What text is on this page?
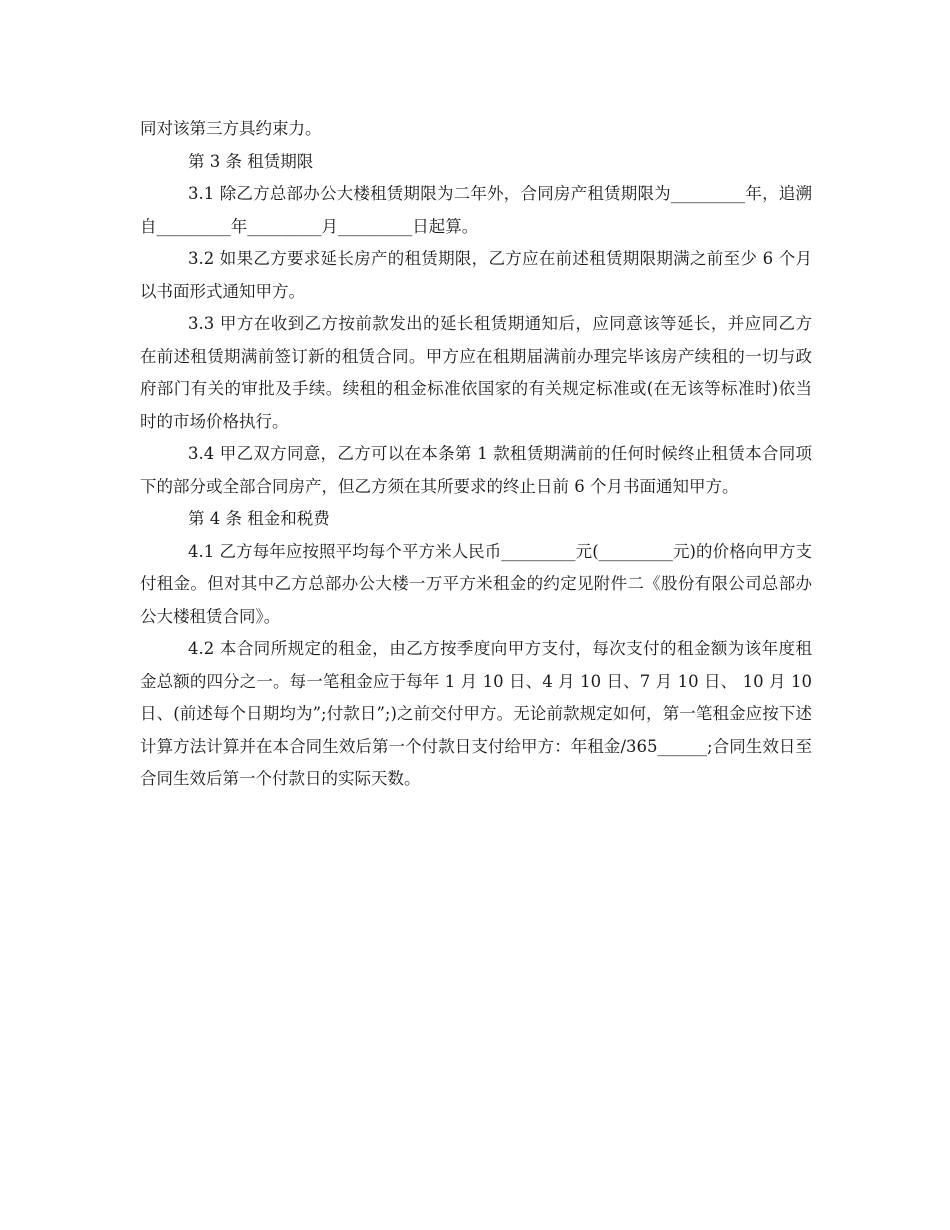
同对该第三方具约束力。

第 3 条 租赁期限

3.1 除乙方总部办公大楼租赁期限为二年外，合同房产租赁期限为_________年，追溯自_________年_________月_________日起算。

3.2 如果乙方要求延长房产的租赁期限，乙方应在前述租赁期限期满之前至少 6 个月以书面形式通知甲方。

3.3 甲方在收到乙方按前款发出的延长租赁期通知后，应同意该等延长，并应同乙方在前述租赁期满前签订新的租赁合同。甲方应在租期届满前办理完毕该房产续租的一切与政府部门有关的审批及手续。续租的租金标准依国家的有关规定标准或(在无该等标准时)依当时的市场价格执行。

3.4 甲乙双方同意，乙方可以在本条第 1 款租赁期满前的任何时候终止租赁本合同项下的部分或全部合同房产，但乙方须在其所要求的终止日前 6 个月书面通知甲方。

第 4 条 租金和税费

4.1 乙方每年应按照平均每个平方米人民币_________元(_________元)的价格向甲方支付租金。但对其中乙方总部办公大楼一万平方米租金的约定见附件二《股份有限公司总部办公大楼租赁合同》。

4.2 本合同所规定的租金，由乙方按季度向甲方支付，每次支付的租金额为该年度租金总额的四分之一。每一笔租金应于每年 1 月 10 日、4 月 10 日、7 月 10 日、 10 月 10 日、(前述每个日期均为”;付款日”;)之前交付甲方。无论前款规定如何，第一笔租金应按下述计算方法计算并在本合同生效后第一个付款日支付给甲方：年租金/365______;合同生效日至合同生效后第一个付款日的实际天数。
